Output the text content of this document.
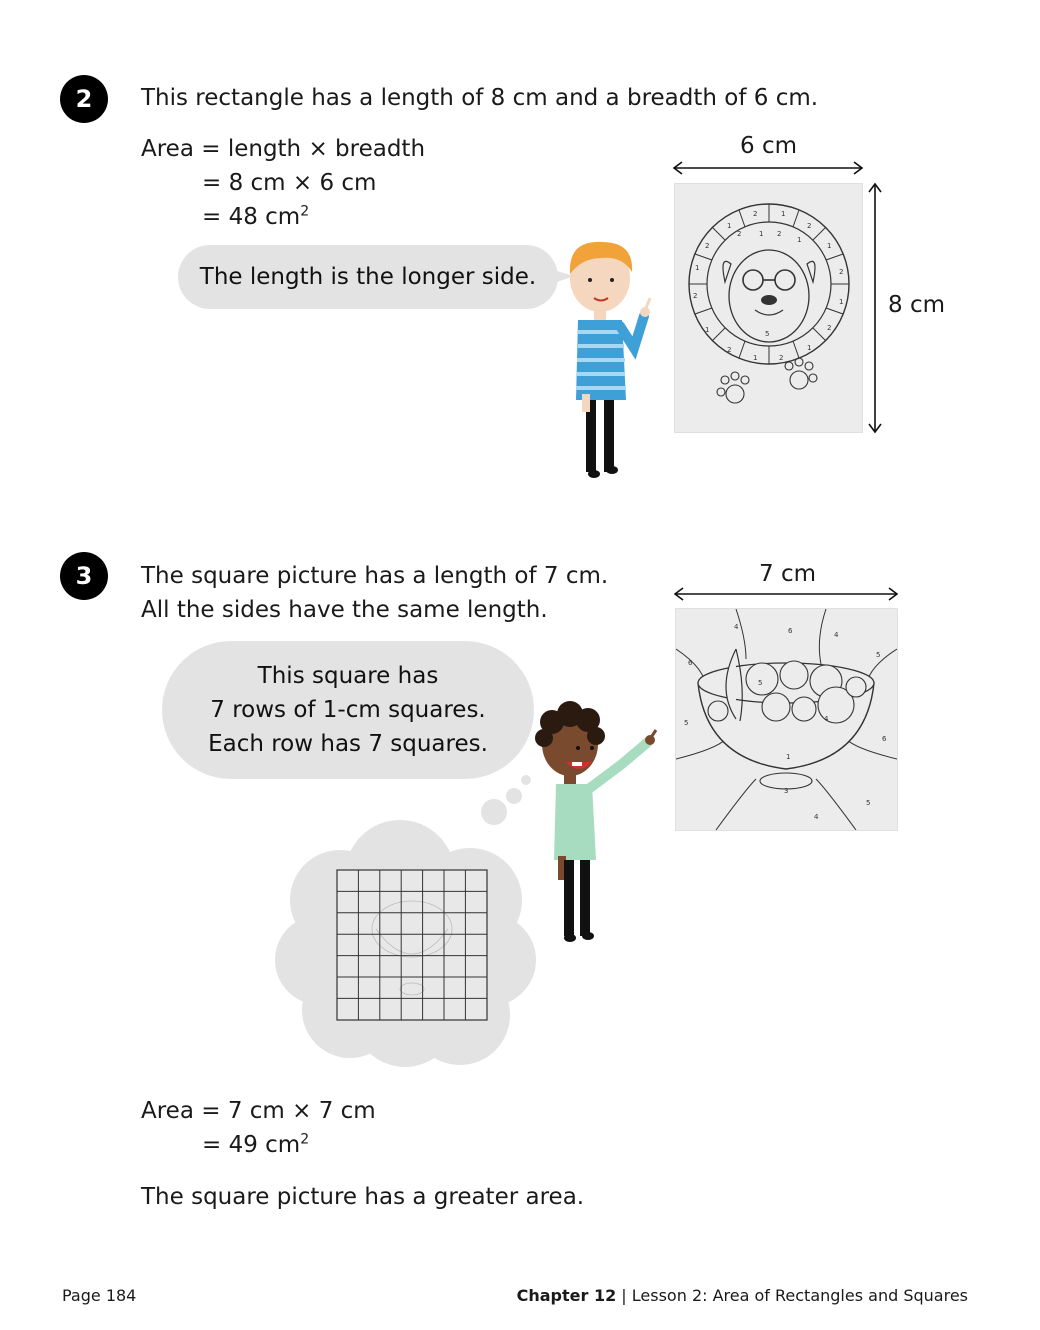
2 This rectangle has a length of 8 cm and a breadth of 6 cm.
Area = length × breadth
= 8 cm × 6 cm
= 48 $cm^2$
The length is the longer side.
6 cm
2	1
1	2
2	1
1	2
2
1
1	2
2	1
1	2
5
2	1 2
1
8 cm
3 The square picture has a length of 7 cm.
All the sides have the same length.
This square has
7 rows of 1-cm squares.
Each row has 7 squares.
7 cm
4	6	4
6
5
5
6
1
5
4
3
5
4
Area = 7 cm × 7 cm
= 49 $cm^2$
The square picture has a greater area.
Page 184	Chapter 12 | Lesson 2: Area of Rectangles and Squares
